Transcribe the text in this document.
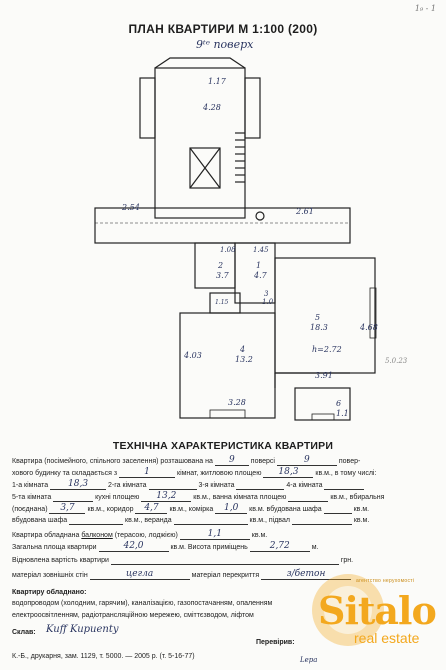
1₉ - 1
ПЛАН КВАРТИРИ М 1:100 (200)
9ᵗᵉ поверх
1.17
4.28
2.54	2.61
1.08 1.45
2
3.7
1
4.7
1.15
3
1.0
5
18.3	4.68
h=2.72
3.91
4
13.2
4.03
3.28	6
1.1
5.0.23
ТЕХНІЧНА ХАРАКТЕРИСТИКА КВАРТИРИ
Квартира (посімейного, спільного заселення) розташована на 9 поверсі	9	повер-
хового будинку та складається з	1	кімнат, житловою площею 18,3 кв.м., в тому числі:
1-а кімната 18,3	2-га кімната	3-я кімната	4-а кімната
5-та кімната	кухні площею 13,2 кв.м., ванна кімната площею	кв.м., вбиральня
(поєднана) 3,7 кв.м., коридор 4,7 кв.м., комірка 1,0 кв.м. вбудована шафа	кв.м.
вбудована шафа	кв.м., веранда	кв.м., підвал	кв.м.
Квартира обладнана балконом (терасою, лоджією)	1,1	кв.м.
Загальна площа квартири	42,0	кв.м. Висота приміщень 2,72	м.
Відновлена вартість квартири	грн.
матеріал зовнішніх стін	цегла	матеріал перекриття	з/бетон
Квартиру обладнано:
водопроводом (холодним, гарячим), каналізацією, газопостачанням, опаленням
електроосвітленням, радіотрансляційною мережею, сміттєзводом, ліфтом
Склав: Kuff Kupuenty
Перевірив:
К.-Б., друкарня, зам. 1129, т. 5000. — 2005 р. (т. 5-16-77)	Lepa
агентство нерухомості
Sitalo
real estate
